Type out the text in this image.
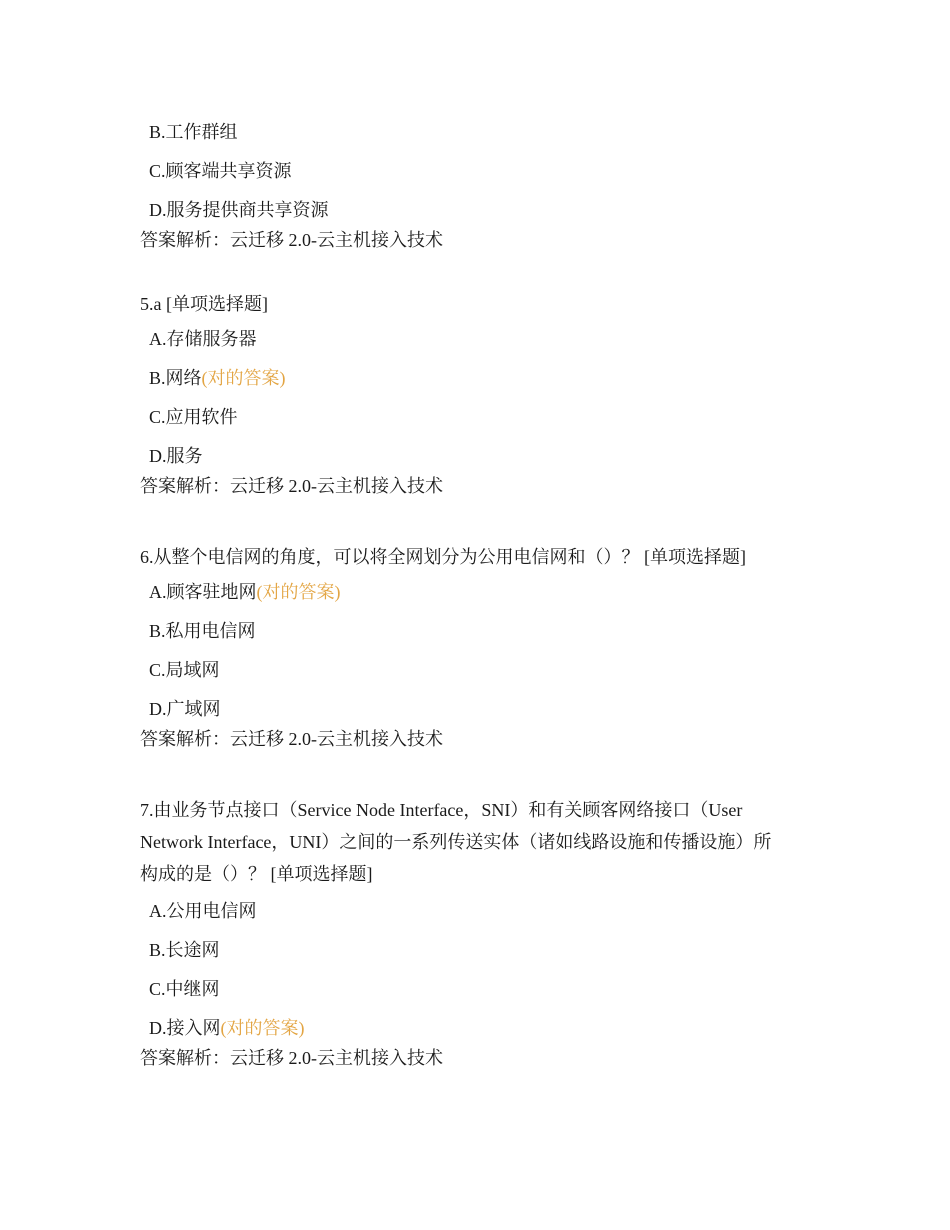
B.工作群组
C.顾客端共享资源
D.服务提供商共享资源
答案解析：云迁移 2.0-云主机接入技术
5.a [单项选择题]
A.存储服务器
B.网络(对的答案)
C.应用软件
D.服务
答案解析：云迁移 2.0-云主机接入技术
6.从整个电信网的角度，可以将全网划分为公用电信网和（）？ [单项选择题]
A.顾客驻地网(对的答案)
B.私用电信网
C.局域网
D.广域网
答案解析：云迁移 2.0-云主机接入技术
7.由业务节点接口（Service Node Interface，SNI）和有关顾客网络接口（User
Network Interface，UNI）之间的一系列传送实体（诸如线路设施和传播设施）所
构成的是（）？ [单项选择题]
A.公用电信网
B.长途网
C.中继网
D.接入网(对的答案)
答案解析：云迁移 2.0-云主机接入技术
